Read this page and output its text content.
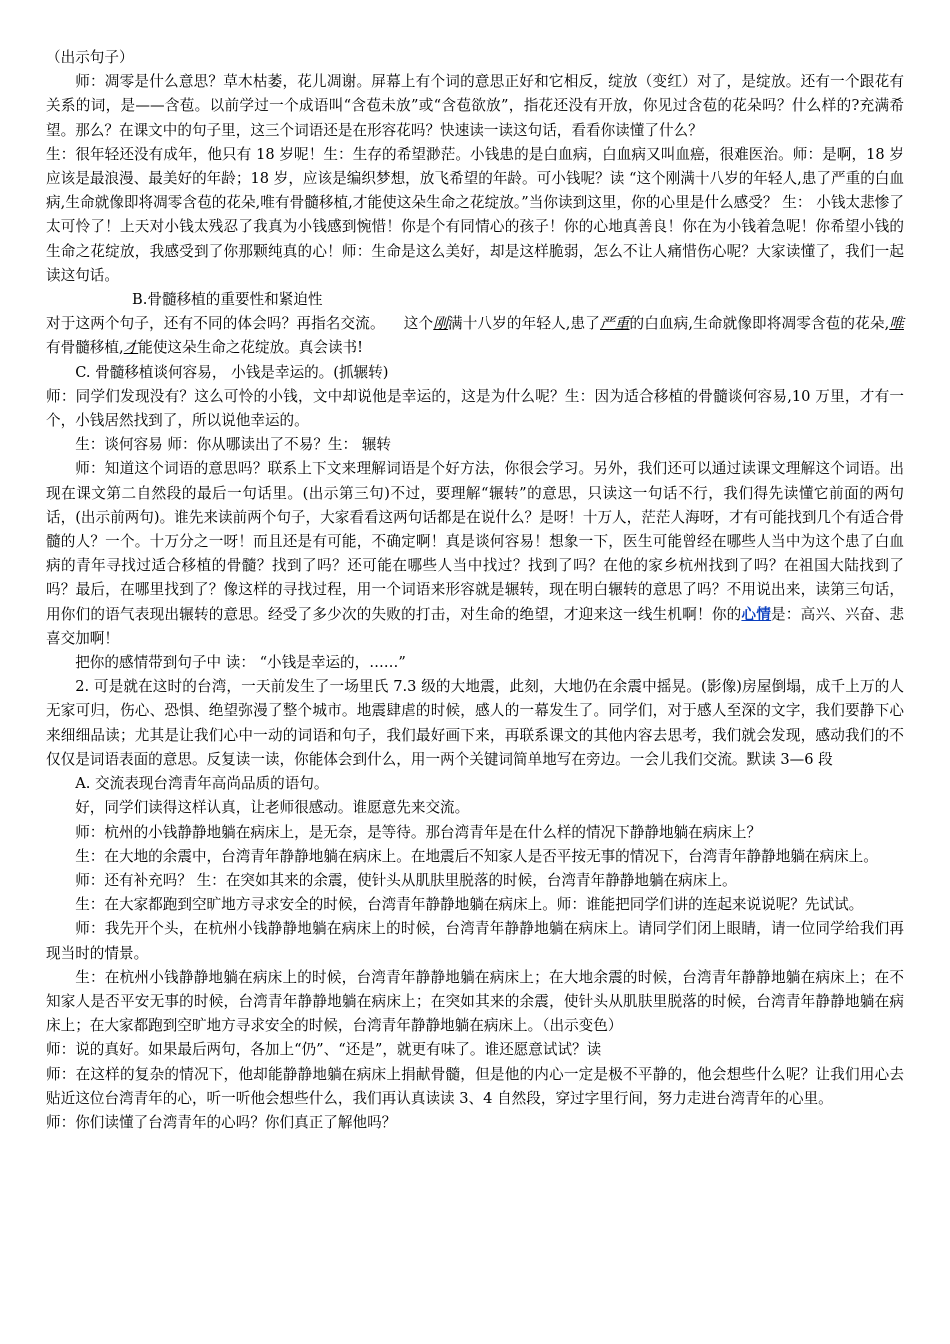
（出示句子）

师：凋零是什么意思？草木枯萎，花儿凋谢。屏幕上有个词的意思正好和它相反，绽放（变红）对了，是绽放。还有一个跟花有关系的词，是——含苞。以前学过一个成语叫“含苞未放”或“含苞欲放”，指花还没有开放，你见过含苞的花朵吗？什么样的?充满希望。那么？在课文中的句子里，这三个词语还是在形容花吗？快速读一读这句话，看看你读懂了什么？

生：很年轻还没有成年，他只有 18 岁呢！生：生存的希望渺茫。小钱患的是白血病，白血病又叫血癌，很难医治。师：是啊，18 岁应该是最浪漫、最美好的年龄；18 岁，应该是编织梦想，放飞希望的年龄。可小钱呢？读 “这个刚满十八岁的年轻人,患了严重的白血病,生命就像即将凋零含苞的花朵,唯有骨髓移植,才能使这朵生命之花绽放。”当你读到这里，你的心里是什么感受？ 生： 小钱太悲惨了太可怜了！上天对小钱太残忍了我真为小钱感到惋惜！你是个有同情心的孩子！你的心地真善良！你在为小钱着急呢！你希望小钱的生命之花绽放，我感受到了你那颗纯真的心！师：生命是这么美好，却是这样脆弱，怎么不让人痛惜伤心呢？大家读懂了，我们一起读这句话。

B.骨髓移植的重要性和紧迫性

对于这两个句子，还有不同的体会吗？再指名交流。 这个刚满十八岁的年轻人,患了严重的白血病,生命就像即将凋零含苞的花朵,唯有骨髓移植,才能使这朵生命之花绽放。真会读书!

C. 骨髓移植谈何容易， 小钱是幸运的。(抓辗转)

师：同学们发现没有？这么可怜的小钱，文中却说他是幸运的，这是为什么呢？生：因为适合移植的骨髓谈何容易,10 万里，才有一个，小钱居然找到了，所以说他幸运的。

生：谈何容易 师：你从哪读出了不易？生： 辗转

师：知道这个词语的意思吗？联系上下文来理解词语是个好方法，你很会学习。另外，我们还可以通过读课文理解这个词语。出现在课文第二自然段的最后一句话里。(出示第三句)不过，要理解“辗转”的意思，只读这一句话不行，我们得先读懂它前面的两句话，(出示前两句)。谁先来读前两个句子，大家看看这两句话都是在说什么？是呀！十万人，茫茫人海呀，才有可能找到几个有适合骨髓的人？一个。十万分之一呀！而且还是有可能，不确定啊！真是谈何容易！想象一下，医生可能曾经在哪些人当中为这个患了白血病的青年寻找过适合移植的骨髓？找到了吗？还可能在哪些人当中找过？找到了吗？在他的家乡杭州找到了吗？在祖国大陆找到了吗？最后，在哪里找到了？像这样的寻找过程，用一个词语来形容就是辗转，现在明白辗转的意思了吗？不用说出来，读第三句话，用你们的语气表现出辗转的意思。经受了多少次的失败的打击，对生命的绝望，才迎来这一线生机啊！你的心情是：高兴、兴奋、悲喜交加啊！

把你的感情带到句子中 读： “小钱是幸运的，……”

2. 可是就在这时的台湾，一天前发生了一场里氏 7.3 级的大地震，此刻，大地仍在余震中摇晃。(影像)房屋倒塌，成千上万的人无家可归，伤心、恐惧、绝望弥漫了整个城市。地震肆虐的时候，感人的一幕发生了。同学们，对于感人至深的文字，我们要静下心来细细品读；尤其是让我们心中一动的词语和句子，我们最好画下来，再联系课文的其他内容去思考，我们就会发现，感动我们的不仅仅是词语表面的意思。反复读一读，你能体会到什么，用一两个关键词简单地写在旁边。一会儿我们交流。默读 3—6 段

A. 交流表现台湾青年高尚品质的语句。

好，同学们读得这样认真，让老师很感动。谁愿意先来交流。

师：杭州的小钱静静地躺在病床上，是无奈，是等待。那台湾青年是在什么样的情况下静静地躺在病床上？

生：在大地的余震中，台湾青年静静地躺在病床上。在地震后不知家人是否平按无事的情况下，台湾青年静静地躺在病床上。

师：还有补充吗？ 生：在突如其来的余震，使针头从肌肤里脱落的时候，台湾青年静静地躺在病床上。

生：在大家都跑到空旷地方寻求安全的时候，台湾青年静静地躺在病床上。师：谁能把同学们讲的连起来说说呢？先试试。

师：我先开个头，在杭州小钱静静地躺在病床上的时候，台湾青年静静地躺在病床上。请同学们闭上眼睛，请一位同学给我们再现当时的情景。

生：在杭州小钱静静地躺在病床上的时候，台湾青年静静地躺在病床上；在大地余震的时候，台湾青年静静地躺在病床上；在不知家人是否平安无事的时候，台湾青年静静地躺在病床上；在突如其来的余震，使针头从肌肤里脱落的时候，台湾青年静静地躺在病床上；在大家都跑到空旷地方寻求安全的时候，台湾青年静静地躺在病床上。（出示变色）

师：说的真好。如果最后两句，各加上“仍”、“还是”，就更有味了。谁还愿意试试？读

师：在这样的复杂的情况下，他却能静静地躺在病床上捐献骨髓，但是他的内心一定是极不平静的，他会想些什么呢？让我们用心去贴近这位台湾青年的心，听一听他会想些什么，我们再认真读读 3、4 自然段，穿过字里行间，努力走进台湾青年的心里。

师：你们读懂了台湾青年的心吗？你们真正了解他吗？
